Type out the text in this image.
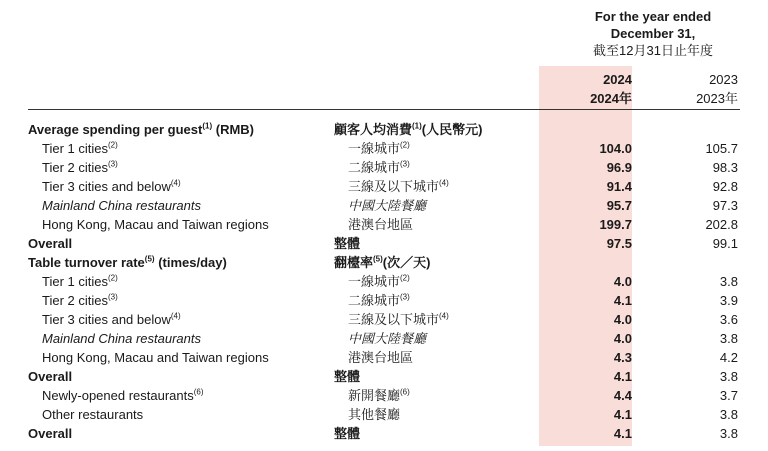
For the year ended
December 31,
截至12月31日止年度
2024
2024年
2023
2023年
Average spending per guest$^{(1)}$ (RMB)	顧客人均消費$^{(1)}$(人民幣元)
Tier 1 cities$^{(2)}$	一線城市$^{(2)}$	104.0	105.7
Tier 2 cities$^{(3)}$	二線城市$^{(3)}$	96.9	98.3
Tier 3 cities and below$^{(4)}$	三線及以下城市$^{(4)}$	91.4	92.8
Mainland China restaurants	中國大陸餐廳	95.7	97.3
Hong Kong, Macau and Taiwan regions	港澳台地區	199.7	202.8
Overall	整體	97.5	99.1
Table turnover rate$^{(5)}$ (times/day)	翻檯率$^{(5)}$(次／天)
Tier 1 cities$^{(2)}$	一線城市$^{(2)}$	4.0	3.8
Tier 2 cities$^{(3)}$	二線城市$^{(3)}$	4.1	3.9
Tier 3 cities and below$^{(4)}$	三線及以下城市$^{(4)}$	4.0	3.6
Mainland China restaurants	中國大陸餐廳	4.0	3.8
Hong Kong, Macau and Taiwan regions	港澳台地區	4.3	4.2
Overall	整體	4.1	3.8
Newly-opened restaurants$^{(6)}$	新開餐廳$^{(6)}$	4.4	3.7
Other restaurants	其他餐廳	4.1	3.8
Overall	整體	4.1	3.8
